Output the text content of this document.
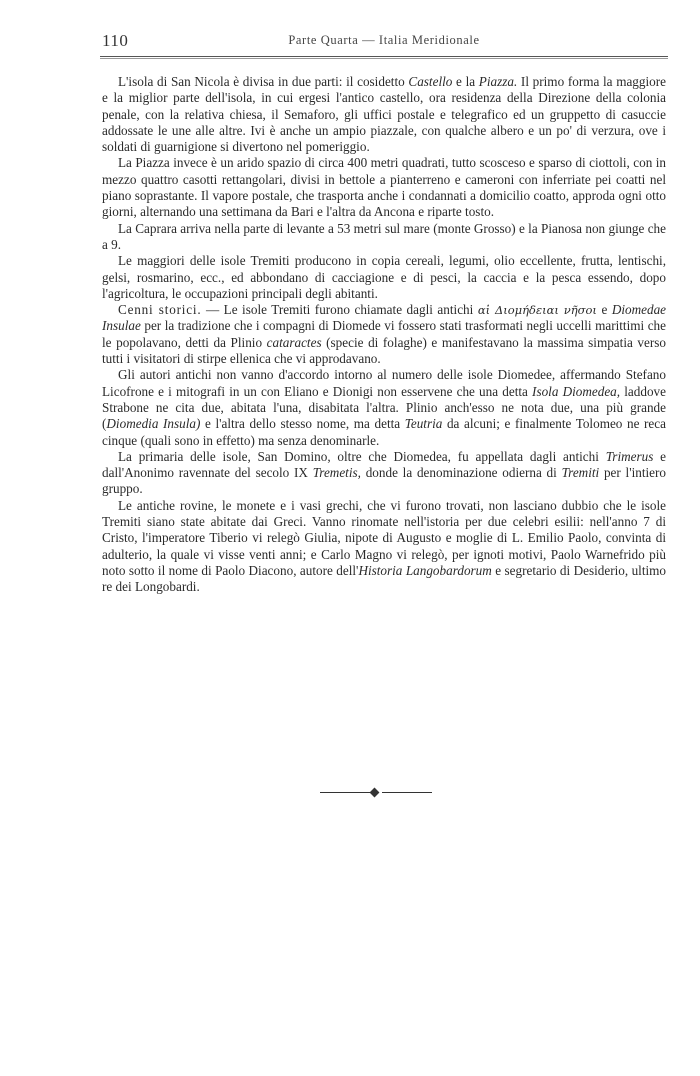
110	Parte Quarta — Italia Meridionale

L'isola di San Nicola è divisa in due parti: il cosidetto Castello e la Piazza. Il primo forma la maggiore e la miglior parte dell'isola, in cui ergesi l'antico castello, ora residenza della Direzione della colonia penale, con la relativa chiesa, il Semaforo, gli uffici postale e telegrafico ed un gruppetto di casuccie addossate le une alle altre. Ivi è anche un ampio piazzale, con qualche albero e un po' di verzura, ove i soldati di guarnigione si divertono nel pomeriggio.

La Piazza invece è un arido spazio di circa 400 metri quadrati, tutto scosceso e sparso di ciottoli, con in mezzo quattro casotti rettangolari, divisi in bettole a pianterreno e cameroni con inferriate pei coatti nel piano soprastante. Il vapore postale, che trasporta anche i condannati a domicilio coatto, approda ogni otto giorni, alternando una settimana da Bari e l'altra da Ancona e riparte tosto.

La Caprara arriva nella parte di levante a 53 metri sul mare (monte Grosso) e la Pianosa non giunge che a 9.

Le maggiori delle isole Tremiti producono in copia cereali, legumi, olio eccellente, frutta, lentischi, gelsi, rosmarino, ecc., ed abbondano di cacciagione e di pesci, la caccia e la pesca essendo, dopo l'agricoltura, le occupazioni principali degli abitanti.

Cenni storici. — Le isole Tremiti furono chiamate dagli antichi αἱ Διομήδειαι νῆσοι e Diomedae Insulae per la tradizione che i compagni di Diomede vi fossero stati trasformati negli uccelli marittimi che le popolavano, detti da Plinio cataractes (specie di folaghe) e manifestavano la massima simpatia verso tutti i visitatori di stirpe ellenica che vi approdavano.

Gli autori antichi non vanno d'accordo intorno al numero delle isole Diomedee, affermando Stefano Licofrone e i mitografi in un con Eliano e Dionigi non esservene che una detta Isola Diomedea, laddove Strabone ne cita due, abitata l'una, disabitata l'altra. Plinio anch'esso ne nota due, una più grande (Diomedia Insula) e l'altra dello stesso nome, ma detta Teutria da alcuni; e finalmente Tolomeo ne reca cinque (quali sono in effetto) ma senza denominarle.

La primaria delle isole, San Domino, oltre che Diomedea, fu appellata dagli antichi Trimerus e dall'Anonimo ravennate del secolo IX Tremetis, donde la denominazione odierna di Tremiti per l'intiero gruppo.

Le antiche rovine, le monete e i vasi grechi, che vi furono trovati, non lasciano dubbio che le isole Tremiti siano state abitate dai Greci. Vanno rinomate nell'istoria per due celebri esilii: nell'anno 7 di Cristo, l'imperatore Tiberio vi relegò Giulia, nipote di Augusto e moglie di L. Emilio Paolo, convinta di adulterio, la quale vi visse venti anni; e Carlo Magno vi relegò, per ignoti motivi, Paolo Warnefrido più noto sotto il nome di Paolo Diacono, autore dell'Historia Langobardorum e segretario di Desiderio, ultimo re dei Longobardi.
